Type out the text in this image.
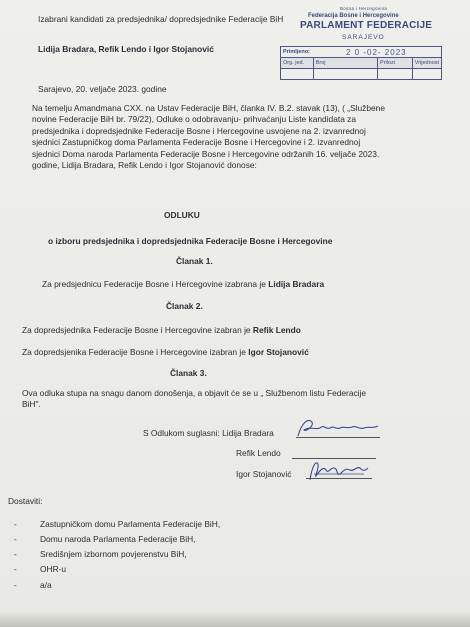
Izabrani kandidati za predsjednika/ dopredsjednike Federacije BiH
Lidija Bradara, Refik Lendo i Igor Stojanović
Bosna i Hercegovina
Federacija Bosne i Hercegovine
PARLAMENT FEDERACIJE
SARAJEVO
Primljeno:			
Org. jed.	Broj	Prilozi	Vrijednost

2 0 -02- 2023
Sarajevo, 20. veljače 2023. godine
Na temelju Amandmana CXX. na Ustav Federacije BiH, članka IV. B.2. stavak (13), ( „Službene
novine Federacije BiH br. 79/22), Odluke o odobravanju- prihvaćanju Liste kandidata za
predsjednika i dopredsjednike Federacije Bosne i Hercegovine usvojene na 2. izvanrednoj
sjednici Zastupničkog doma Parlamenta Federacije Bosne i Hercegovine i 2. izvanrednoj
sjednici Doma naroda Parlamenta Federacije Bosne i Hercegovine održanih 16. veljače 2023.
godine, Lidija Bradara, Refik Lendo i Igor Stojanović donose:
ODLUKU
o izboru predsjednika i dopredsjednika Federacije Bosne i Hercegovine
Članak 1.
Za predsjednicu Federacije Bosne i Hercegovine izabrana je Lidija Bradara
Članak 2.
Za dopredsjednika Federacije Bosne i Hercegovine izabran je Refik Lendo
Za dopredsjenika Federacije Bosne i Hercegovine izabran je Igor Stojanović
Članak 3.
Ova odluka stupa na snagu danom donošenja, a objavit će se u „ Službenom listu Federacije
BiH".
S Odlukom suglasni: Lidija Bradara
Refik Lendo
Igor Stojanović
Dostaviti:
-	Zastupničkom domu Parlamenta Federacije BiH,
-	Domu naroda Parlamenta Federacije BiH,
-	Središnjem izbornom povjerenstvu BiH,
-	OHR-u
-	a/a
